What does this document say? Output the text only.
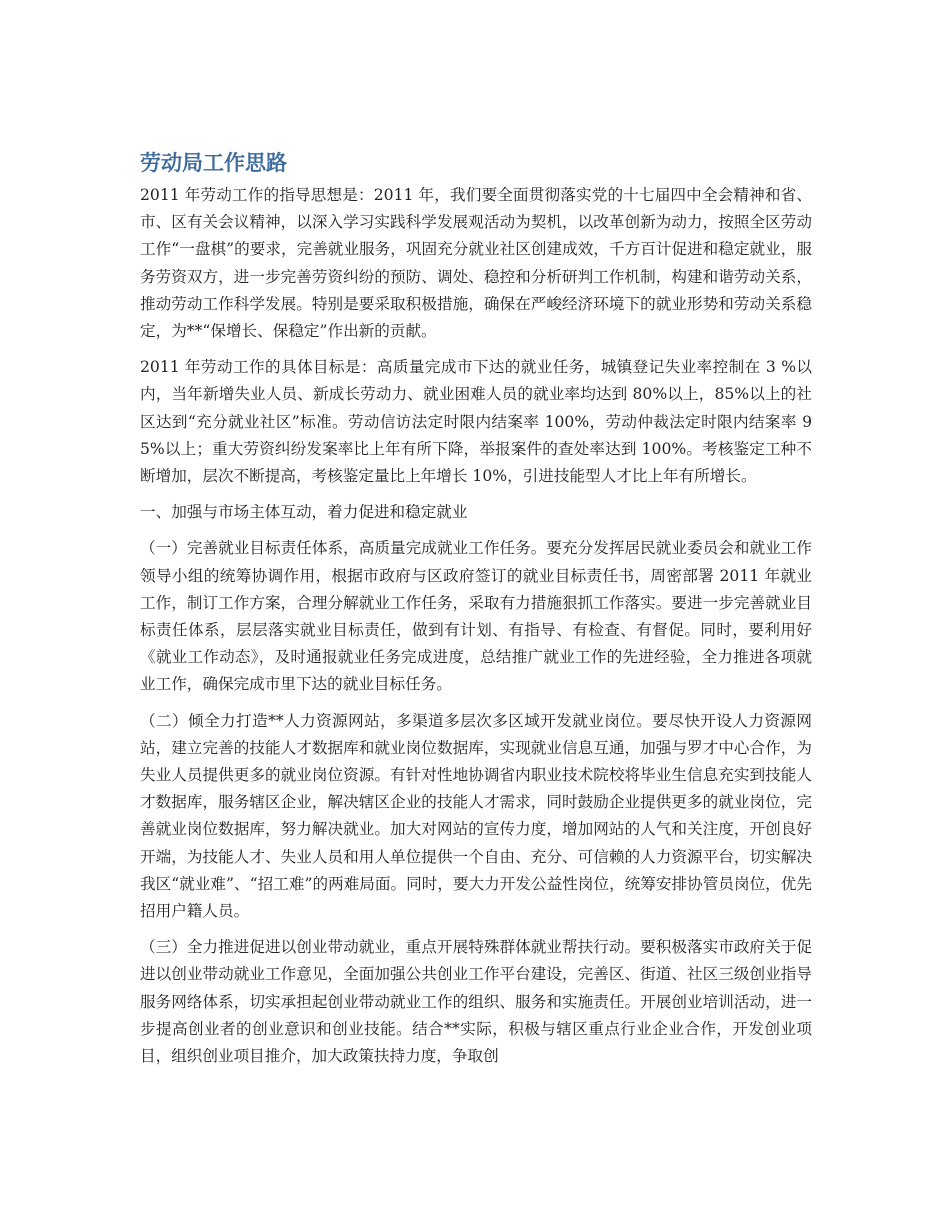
劳动局工作思路

2011 年劳动工作的指导思想是：2011 年，我们要全面贯彻落实党的十七届四中全会精神和省、市、区有关会议精神，以深入学习实践科学发展观活动为契机，以改革创新为动力，按照全区劳动工作“一盘棋”的要求，完善就业服务，巩固充分就业社区创建成效，千方百计促进和稳定就业，服务劳资双方，进一步完善劳资纠纷的预防、调处、稳控和分析研判工作机制，构建和谐劳动关系，推动劳动工作科学发展。特别是要采取积极措施，确保在严峻经济环境下的就业形势和劳动关系稳定，为**“保增长、保稳定”作出新的贡献。

2011 年劳动工作的具体目标是：高质量完成市下达的就业任务，城镇登记失业率控制在 3 %以内，当年新增失业人员、新成长劳动力、就业困难人员的就业率均达到 80%以上，85%以上的社区达到“充分就业社区”标准。劳动信访法定时限内结案率 100%，劳动仲裁法定时限内结案率 95%以上；重大劳资纠纷发案率比上年有所下降，举报案件的查处率达到 100%。考核鉴定工种不断增加，层次不断提高，考核鉴定量比上年增长 10%，引进技能型人才比上年有所增长。

一、加强与市场主体互动，着力促进和稳定就业

（一）完善就业目标责任体系，高质量完成就业工作任务。要充分发挥居民就业委员会和就业工作领导小组的统筹协调作用，根据市政府与区政府签订的就业目标责任书，周密部署 2011 年就业工作，制订工作方案，合理分解就业工作任务，采取有力措施狠抓工作落实。要进一步完善就业目标责任体系，层层落实就业目标责任，做到有计划、有指导、有检查、有督促。同时，要利用好《就业工作动态》，及时通报就业任务完成进度，总结推广就业工作的先进经验，全力推进各项就业工作，确保完成市里下达的就业目标任务。

（二）倾全力打造**人力资源网站，多渠道多层次多区域开发就业岗位。要尽快开设人力资源网站，建立完善的技能人才数据库和就业岗位数据库，实现就业信息互通，加强与罗才中心合作，为失业人员提供更多的就业岗位资源。有针对性地协调省内职业技术院校将毕业生信息充实到技能人才数据库，服务辖区企业，解决辖区企业的技能人才需求，同时鼓励企业提供更多的就业岗位，完善就业岗位数据库，努力解决就业。加大对网站的宣传力度，增加网站的人气和关注度，开创良好开端，为技能人才、失业人员和用人单位提供一个自由、充分、可信赖的人力资源平台，切实解决我区“就业难”、“招工难”的两难局面。同时，要大力开发公益性岗位，统筹安排协管员岗位，优先招用户籍人员。

（三）全力推进促进以创业带动就业，重点开展特殊群体就业帮扶行动。要积极落实市政府关于促进以创业带动就业工作意见，全面加强公共创业工作平台建设，完善区、街道、社区三级创业指导服务网络体系，切实承担起创业带动就业工作的组织、服务和实施责任。开展创业培训活动，进一步提高创业者的创业意识和创业技能。结合**实际，积极与辖区重点行业企业合作，开发创业项目，组织创业项目推介，加大政策扶持力度，争取创
